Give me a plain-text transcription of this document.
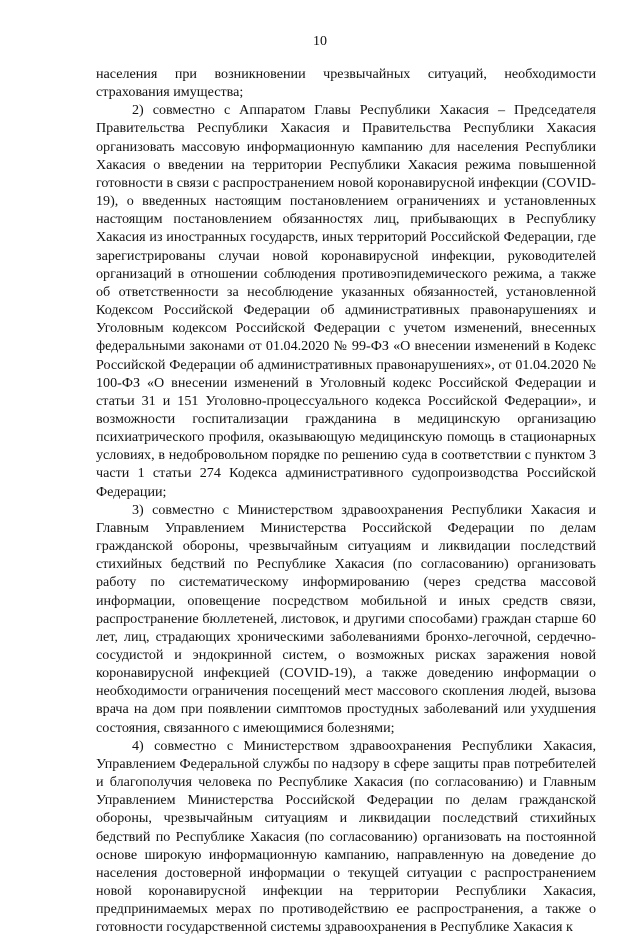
10

населения при возникновении чрезвычайных ситуаций, необходимости страхования имущества;

2) совместно с Аппаратом Главы Республики Хакасия – Председателя Правительства Республики Хакасия и Правительства Республики Хакасия организовать массовую информационную кампанию для населения Республики Хакасия о введении на территории Республики Хакасия режима повышенной готовности в связи с распространением новой коронавирусной инфекции (COVID-19), о введенных настоящим постановлением ограничениях и установленных настоящим постановлением обязанностях лиц, прибывающих в Республику Хакасия из иностранных государств, иных территорий Российской Федерации, где зарегистрированы случаи новой коронавирусной инфекции, руководителей организаций в отношении соблюдения противоэпидемического режима, а также об ответственности за несоблюдение указанных обязанностей, установленной Кодексом Российской Федерации об административных правонарушениях и Уголовным кодексом Российской Федерации с учетом изменений, внесенных федеральными законами от 01.04.2020 № 99-ФЗ «О внесении изменений в Кодекс Российской Федерации об административных правонарушениях», от 01.04.2020 № 100-ФЗ «О внесении изменений в Уголовный кодекс Российской Федерации и статьи 31 и 151 Уголовно-процессуального кодекса Российской Федерации», и возможности госпитализации гражданина в медицинскую организацию психиатрического профиля, оказывающую медицинскую помощь в стационарных условиях, в недобровольном порядке по решению суда в соответствии с пунктом 3 части 1 статьи 274 Кодекса административного судопроизводства Российской Федерации;

3) совместно с Министерством здравоохранения Республики Хакасия и Главным Управлением Министерства Российской Федерации по делам гражданской обороны, чрезвычайным ситуациям и ликвидации последствий стихийных бедствий по Республике Хакасия (по согласованию) организовать работу по систематическому информированию (через средства массовой информации, оповещение посредством мобильной и иных средств связи, распространение бюллетеней, листовок, и другими способами) граждан старше 60 лет, лиц, страдающих хроническими заболеваниями бронхо-легочной, сердечно-сосудистой и эндокринной систем, о возможных рисках заражения новой коронавирусной инфекцией (COVID-19), а также доведению информации о необходимости ограничения посещений мест массового скопления людей, вызова врача на дом при появлении симптомов простудных заболеваний или ухудшения состояния, связанного с имеющимися болезнями;

4) совместно с Министерством здравоохранения Республики Хакасия, Управлением Федеральной службы по надзору в сфере защиты прав потребителей и благополучия человека по Республике Хакасия (по согласованию) и Главным Управлением Министерства Российской Федерации по делам гражданской обороны, чрезвычайным ситуациям и ликвидации последствий стихийных бедствий по Республике Хакасия (по согласованию) организовать на постоянной основе широкую информационную кампанию, направленную на доведение до населения достоверной информации о текущей ситуации с распространением новой коронавирусной инфекции на территории Республики Хакасия, предпринимаемых мерах по противодействию ее распространения, а также о готовности государственной системы здравоохранения в Республике Хакасия к
